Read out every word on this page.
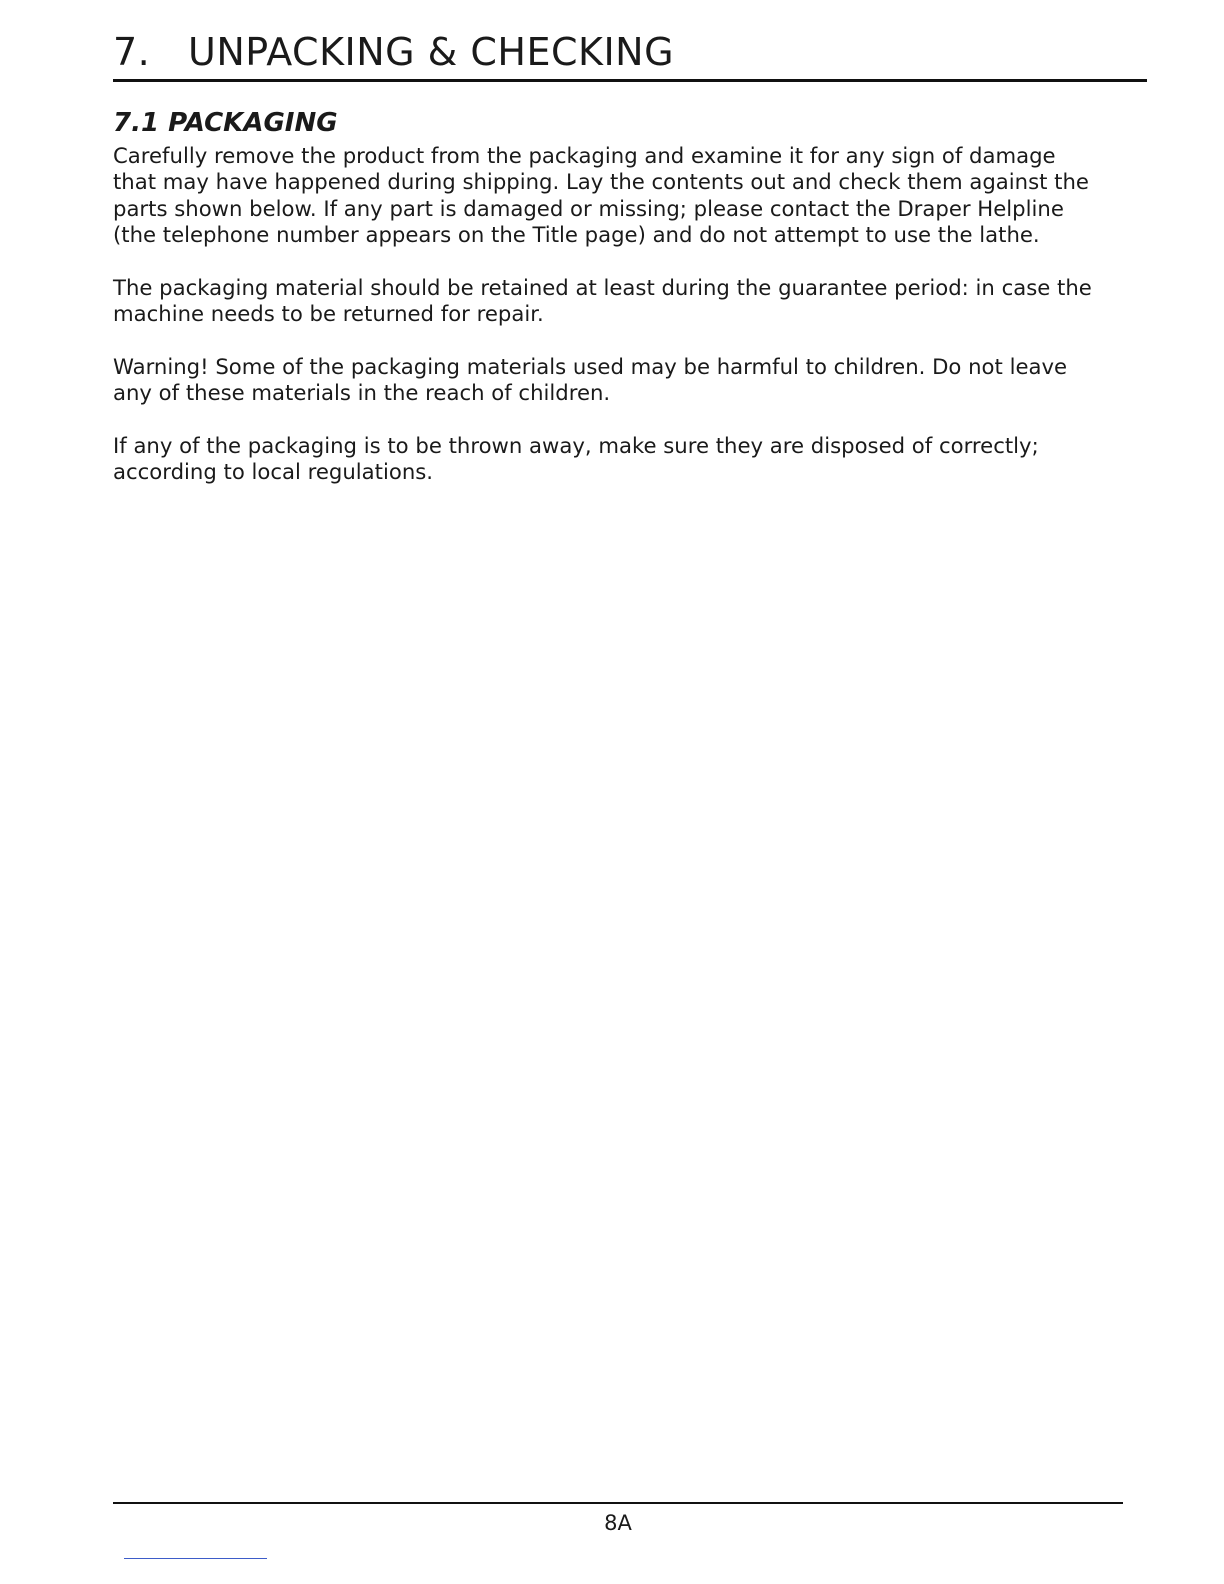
7. UNPACKING & CHECKING
7.1 PACKAGING
Carefully remove the product from the packaging and examine it for any sign of damage
that may have happened during shipping. Lay the contents out and check them against the
parts shown below. If any part is damaged or missing; please contact the Draper Helpline
(the telephone number appears on the Title page) and do not attempt to use the lathe.
The packaging material should be retained at least during the guarantee period: in case the
machine needs to be returned for repair.
Warning! Some of the packaging materials used may be harmful to children. Do not leave
any of these materials in the reach of children.
If any of the packaging is to be thrown away, make sure they are disposed of correctly;
according to local regulations.
8A
